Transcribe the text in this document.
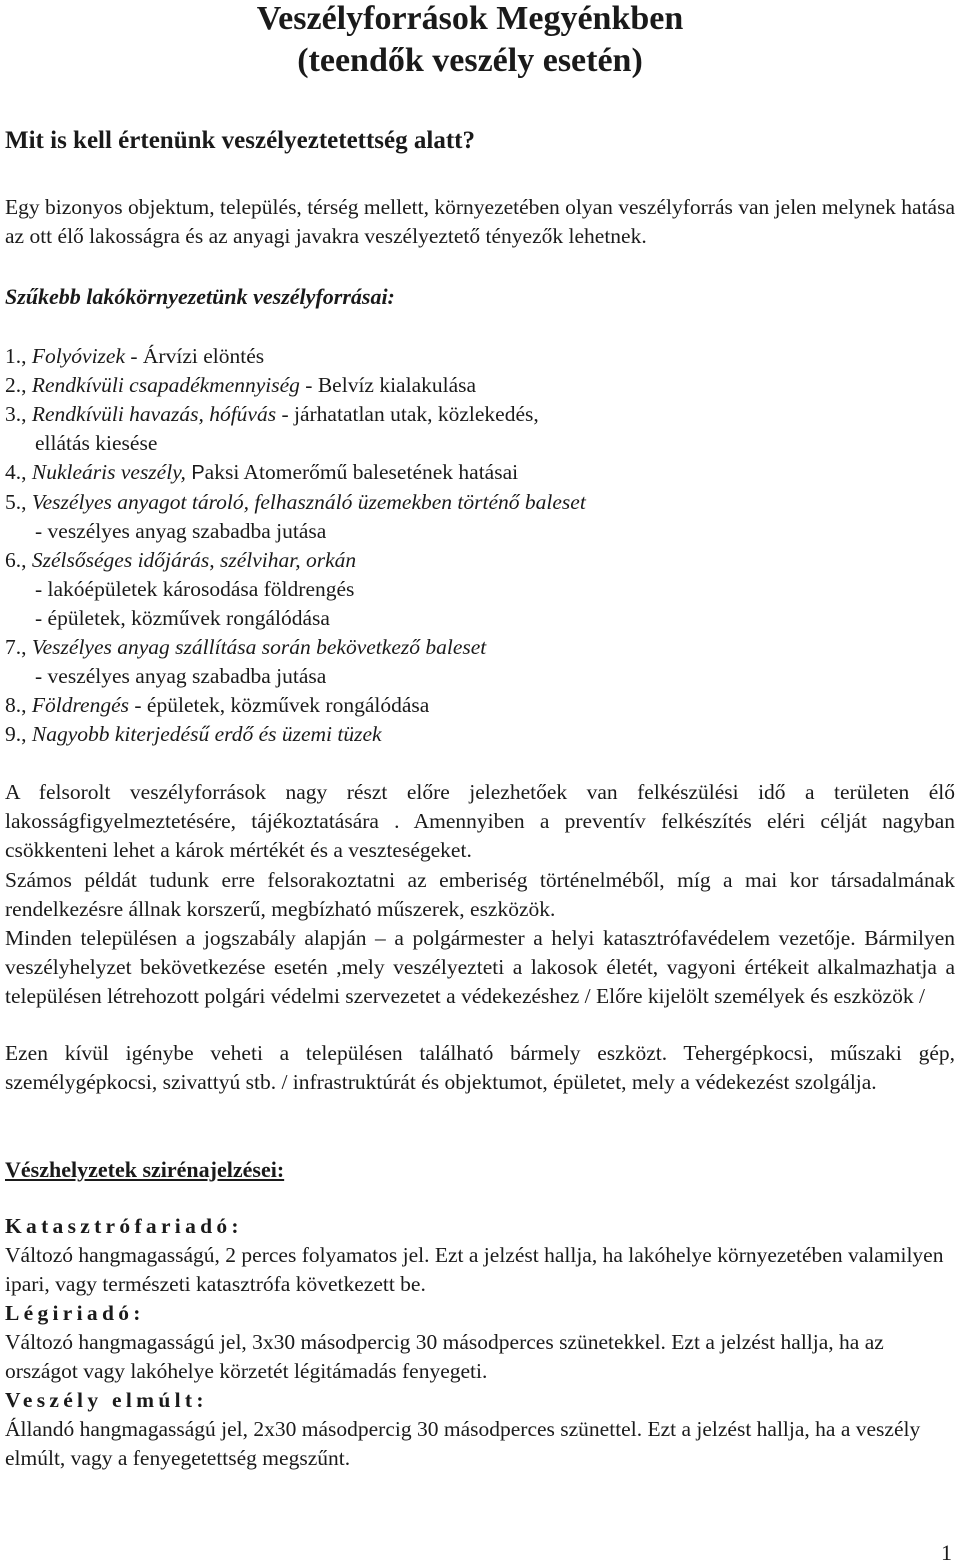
Veszélyforrások Megyénkben
(teendők veszély esetén)

Mit is kell értenünk veszélyeztetettség alatt?

Egy bizonyos objektum, település, térség mellett, környezetében olyan veszélyforrás van jelen melynek hatása az ott élő lakosságra és az anyagi javakra veszélyeztető tényezők lehetnek.

Szűkebb lakókörnyezetünk veszélyforrásai:

1., Folyóvizek - Árvízi elöntés
2., Rendkívüli csapadékmennyiség - Belvíz kialakulása
3., Rendkívüli havazás, hófúvás - járhatatlan utak, közlekedés,
ellátás kiesése
4., Nukleáris veszély, Paksi Atomerőmű balesetének hatásai
5., Veszélyes anyagot tároló, felhasználó üzemekben történő baleset
- veszélyes anyag szabadba jutása
6., Szélsőséges időjárás, szélvihar, orkán
- lakóépületek károsodása földrengés
- épületek, közművek rongálódása
7., Veszélyes anyag szállítása során bekövetkező baleset
- veszélyes anyag szabadba jutása
8., Földrengés - épületek, közművek rongálódása
9., Nagyobb kiterjedésű erdő és üzemi tüzek

A felsorolt veszélyforrások nagy részt előre jelezhetőek van felkészülési idő a területen élő lakosságfigyelmeztetésére, tájékoztatására . Amennyiben a preventív felkészítés eléri célját nagyban csökkenteni lehet a károk mértékét és a veszteségeket.

Számos példát tudunk erre felsorakoztatni az emberiség történelméből, míg a mai kor társadalmának rendelkezésre állnak korszerű, megbízható műszerek, eszközök.

Minden településen a jogszabály alapján – a polgármester a helyi katasztrófavédelem vezetője. Bármilyen veszélyhelyzet bekövetkezése esetén ,mely veszélyezteti a lakosok életét, vagyoni értékeit alkalmazhatja a településen létrehozott polgári védelmi szervezetet a védekezéshez / Előre kijelölt személyek és eszközök /

Ezen kívül igénybe veheti a településen található bármely eszközt. Tehergépkocsi, műszaki gép, személygépkocsi, szivattyú stb. / infrastruktúrát és objektumot, épületet, mely a védekezést szolgálja.

Vészhelyzetek szirénajelzései:

Katasztrófariadó:

Változó hangmagasságú, 2 perces folyamatos jel. Ezt a jelzést hallja, ha lakóhelye környezetében valamilyen ipari, vagy természeti katasztrófa következett be.

Légiriadó:

Változó hangmagasságú jel, 3x30 másodpercig 30 másodperces szünetekkel. Ezt a jelzést hallja, ha az országot vagy lakóhelye körzetét légitámadás fenyegeti.

Veszély elmúlt:

Állandó hangmagasságú jel, 2x30 másodpercig 30 másodperces szünettel. Ezt a jelzést hallja, ha a veszély elmúlt, vagy a fenyegetettség megszűnt.

1
